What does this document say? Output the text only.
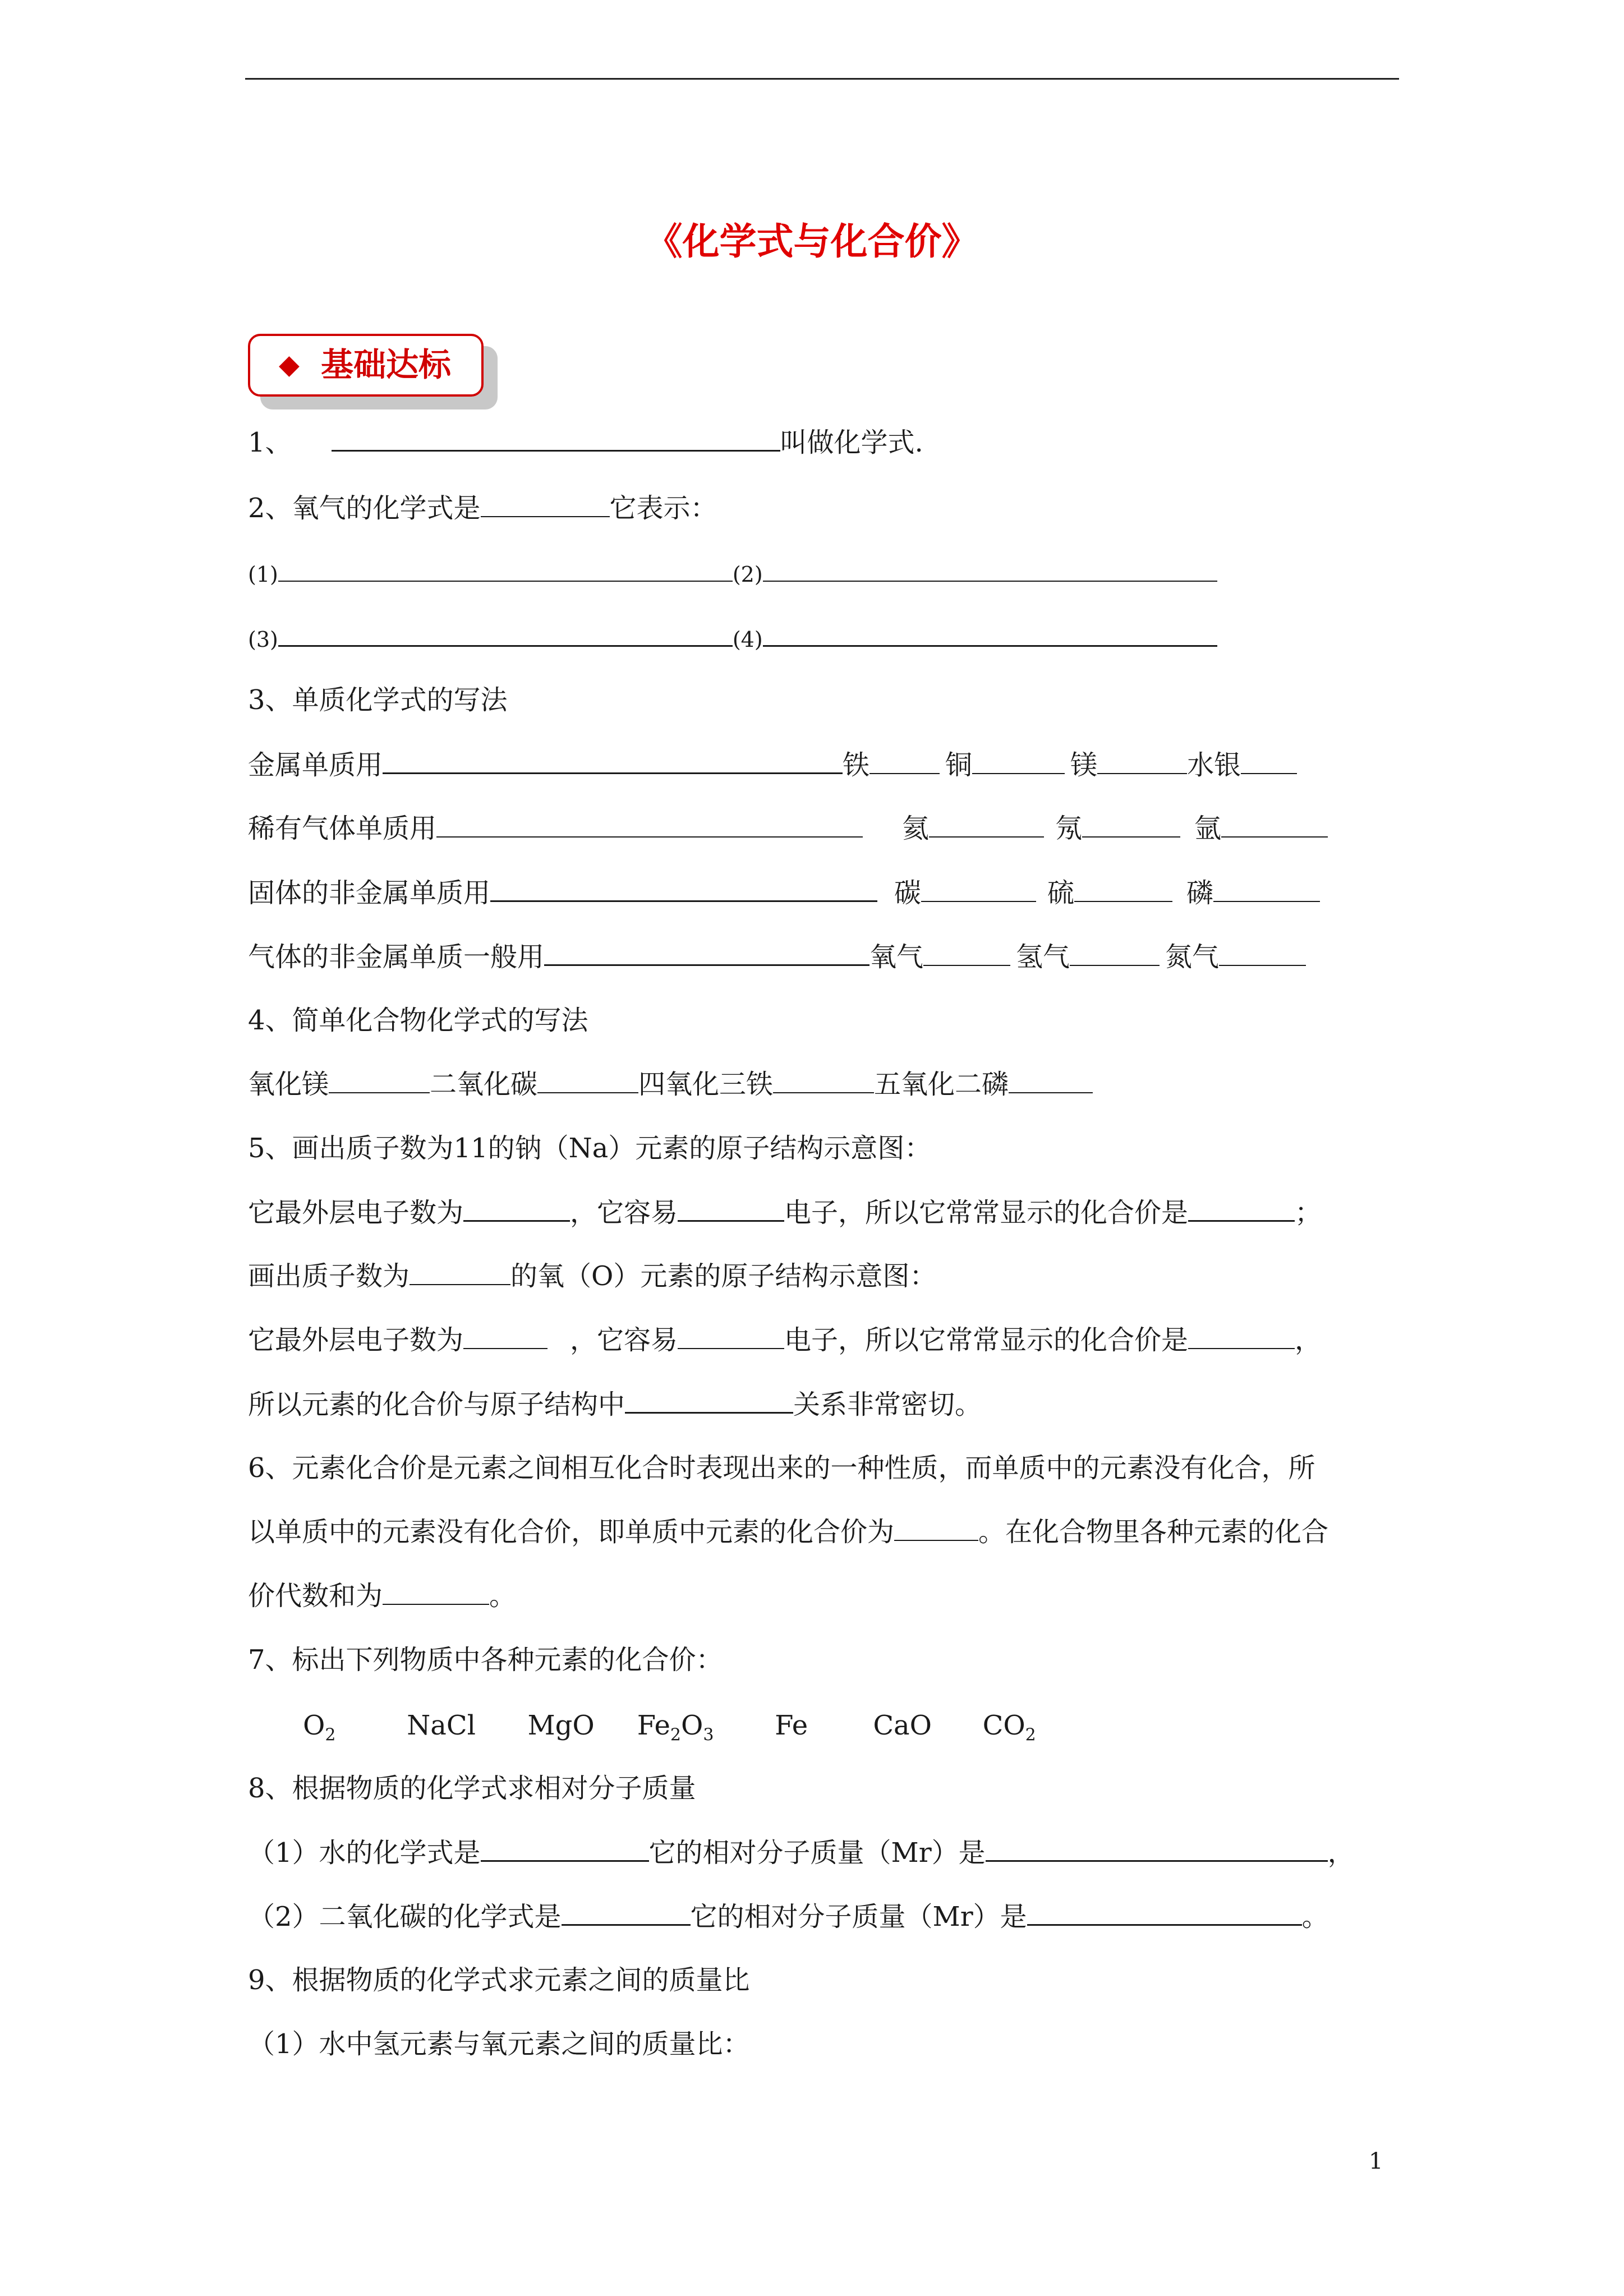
《化学式与化合价》
◆ 基础达标
1、	叫做化学式.
2、氧气的化学式是	它表示：
(1)	(2)
(3)	(4)
3、单质化学式的写法
金属单质用	铁	铜	镁	水银
稀有气体单质用	氦	氖	氩
固体的非金属单质用	碳	硫	磷
气体的非金属单质一般用	氧气	氢气	氮气
4、简单化合物化学式的写法
氧化镁	二氧化碳	四氧化三铁	五氧化二磷
5、画出质子数为11的钠（Na）元素的原子结构示意图：
它最外层电子数为	，它容易	电子，所以它常常显示的化合价是	；
画出质子数为	的氧（O）元素的原子结构示意图：
它最外层电子数为	，它容易	电子，所以它常常显示的化合价是	，
所以元素的化合价与原子结构中	关系非常密切。
6、元素化合价是元素之间相互化合时表现出来的一种性质，而单质中的元素没有化合，所
以单质中的元素没有化合价，即单质中元素的化合价为	。在化合物里各种元素的化合
价代数和为	。
7、标出下列物质中各种元素的化合价：
$O_2$	NaCl MgO $Fe_2O_3$ Fe CaO $CO_2$
8、根据物质的化学式求相对分子质量
（1）水的化学式是	它的相对分子质量（Mr）是	，
（2）二氧化碳的化学式是	它的相对分子质量（Mr）是	。
9、根据物质的化学式求元素之间的质量比
（1）水中氢元素与氧元素之间的质量比：
1
